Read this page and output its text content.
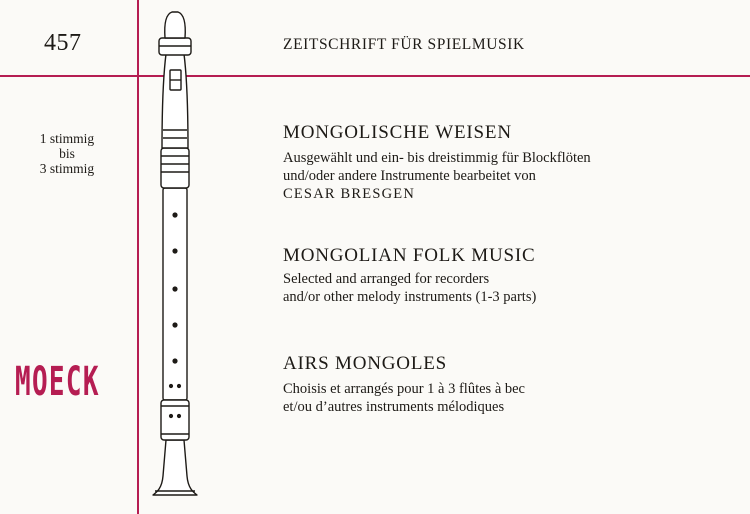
457	ZEITSCHRIFT FÜR SPIELMUSIK
1 stimmig
bis
3 stimmig
MOECK
MONGOLISCHE WEISEN
Ausgewählt und ein- bis dreistimmig für Blockflöten
und/oder andere Instrumente bearbeitet von
CESAR BRESGEN
MONGOLIAN FOLK MUSIC
Selected and arranged for recorders
and/or other melody instruments (1-3 parts)
AIRS MONGOLES
Choisis et arrangés pour 1 à 3 flûtes à bec
et/ou d’autres instruments mélodiques
